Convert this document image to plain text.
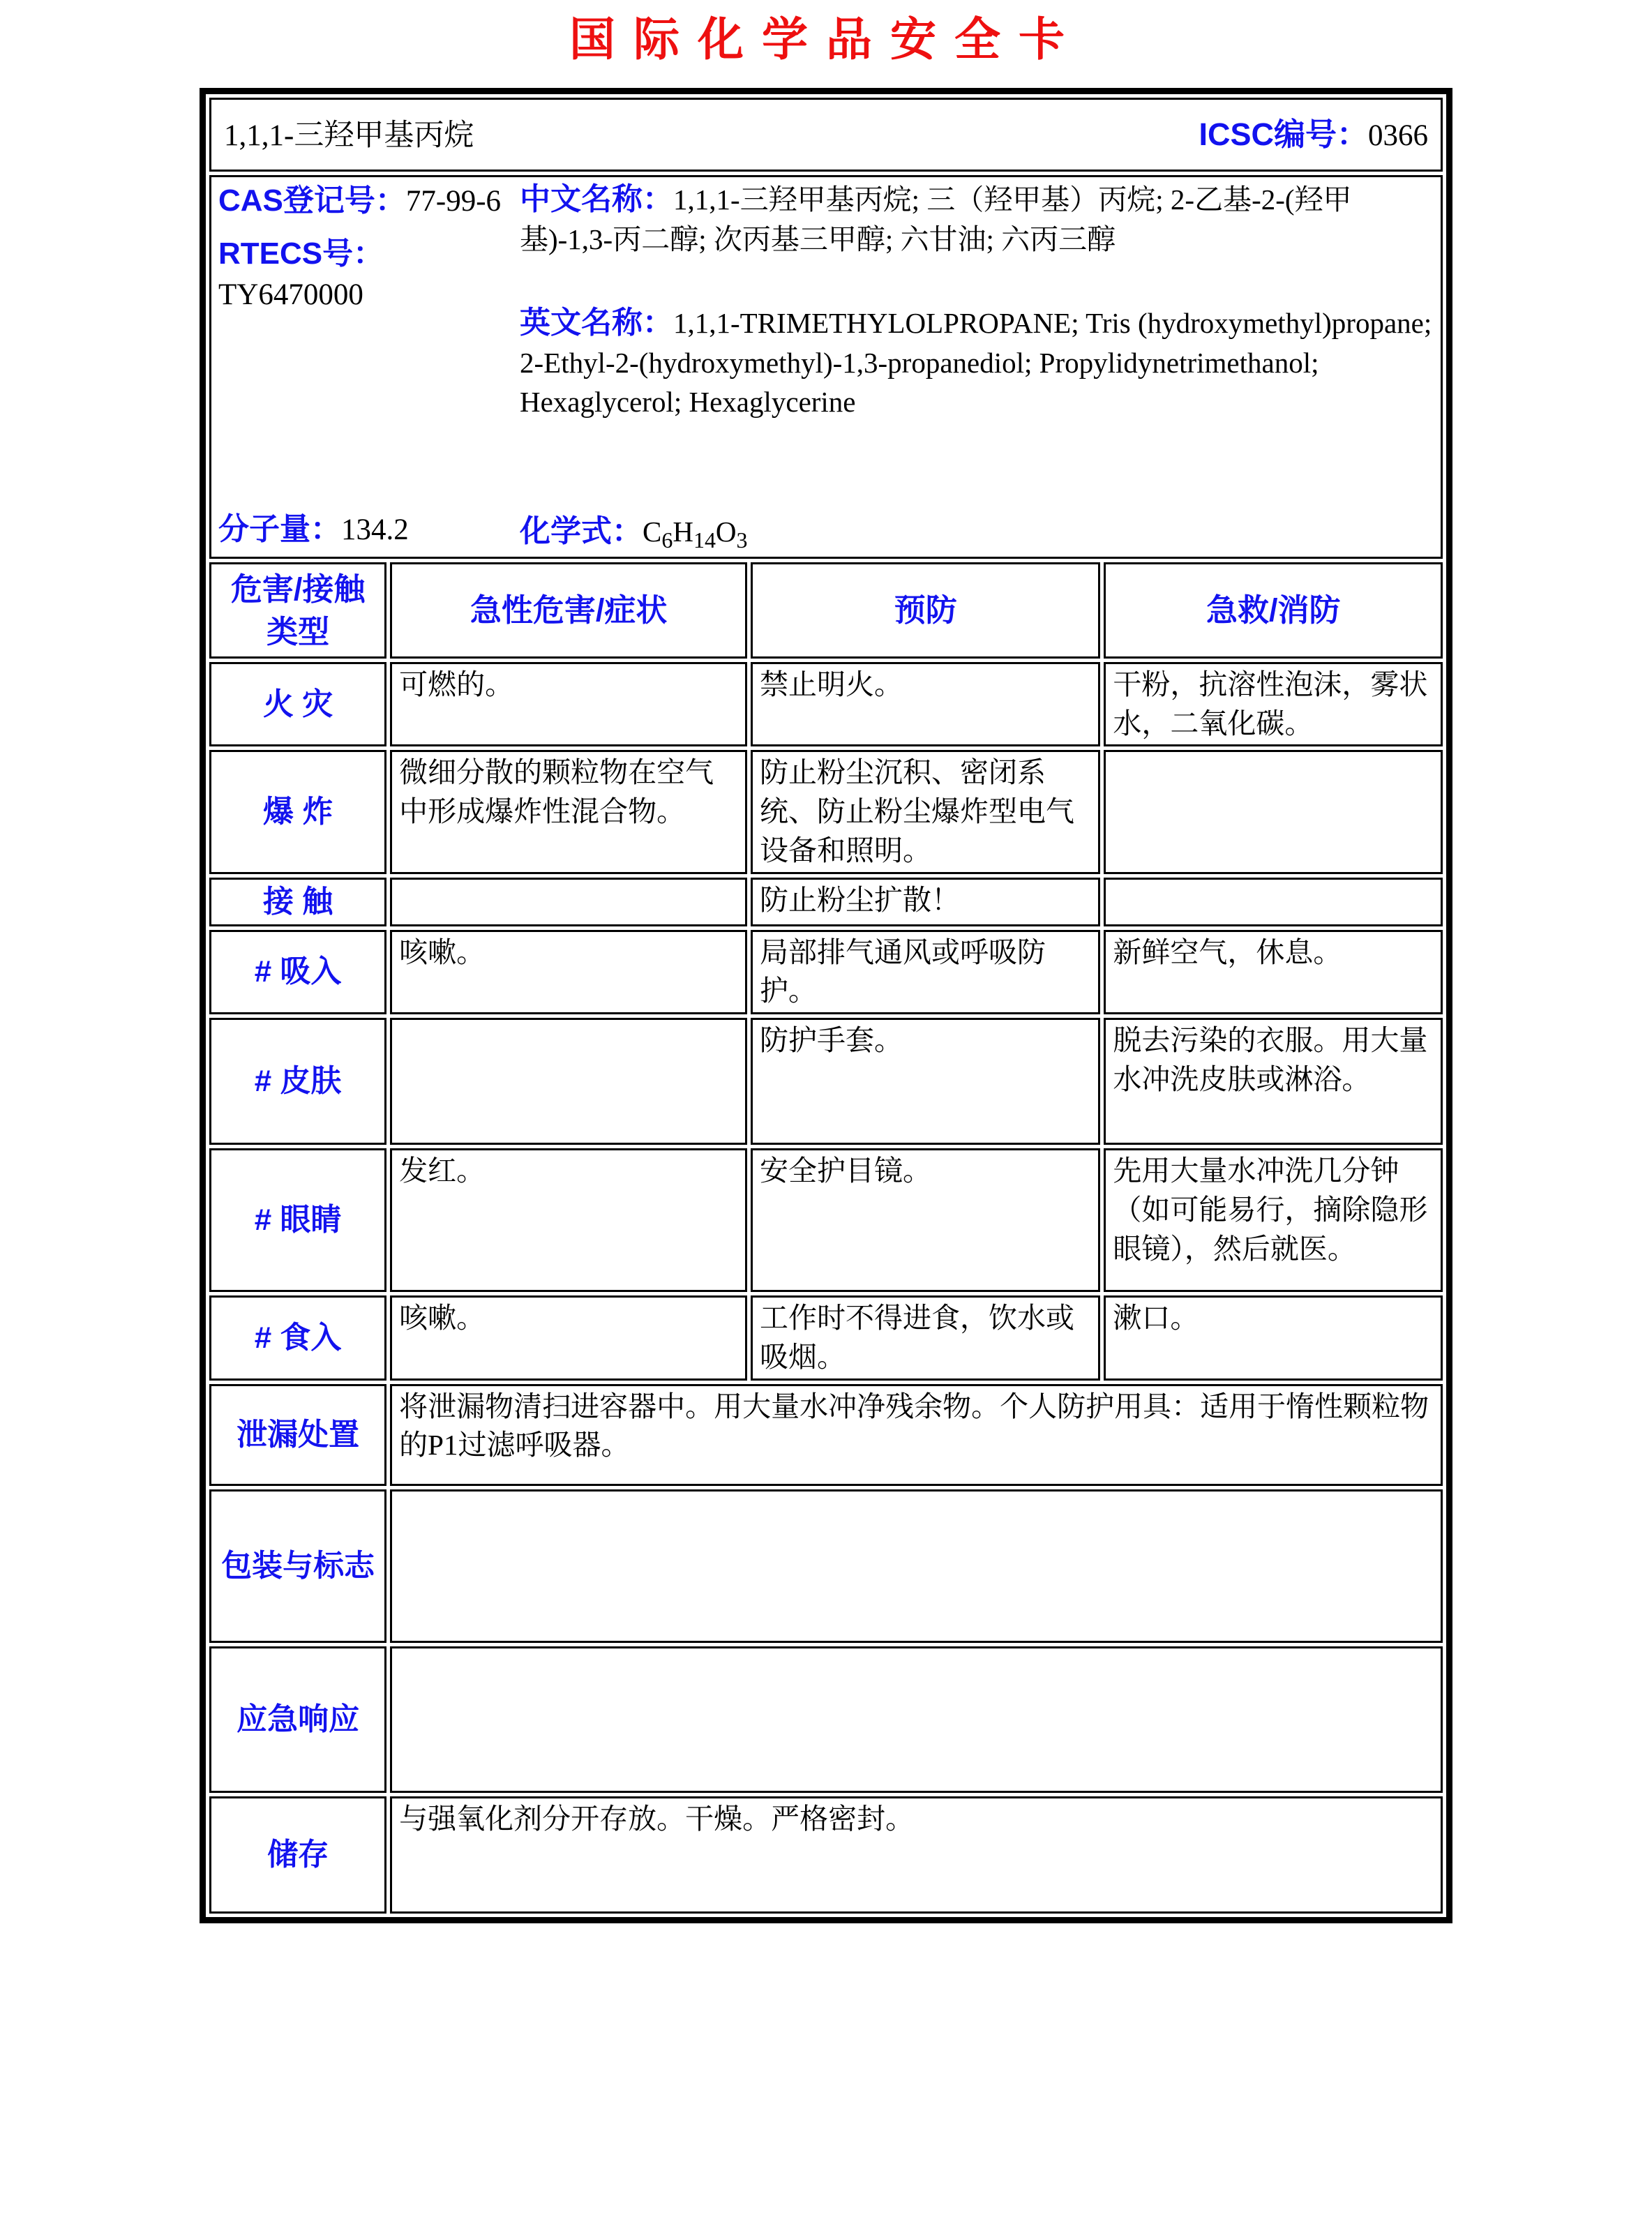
国际化学品安全卡
1,1,1-三羟甲基丙烷 ICSC编号：0366			

CAS登记号：77-99-6
RTECS号：TY6470000
分子量：134.2

中文名称：1,1,1-三羟甲基丙烷; 三（羟甲基）丙烷; 2-乙基-2-(羟甲基)-1,3-丙二醇; 次丙基三甲醇; 六甘油; 六丙三醇

英文名称：1,1,1-TRIMETHYLOLPROPANE; Tris (hydroxymethyl)propane; 2-Ethyl-2-(hydroxymethyl)-1,3-propanediol; Propylidynetrimethanol; Hexaglycerol; Hexaglycerine

化学式：$C_6H_{14}O_3$

危害/接触类型	急性危害/症状	预防	急救/消防
火 灾	可燃的。	禁止明火。	干粉，抗溶性泡沫，雾状水，二氧化碳。
爆 炸	微细分散的颗粒物在空气中形成爆炸性混合物。	防止粉尘沉积、密闭系统、防止粉尘爆炸型电气设备和照明。	
接 触		防止粉尘扩散！	
# 吸入	咳嗽。	局部排气通风或呼吸防护。	新鲜空气，休息。
# 皮肤		防护手套。	脱去污染的衣服。用大量水冲洗皮肤或淋浴。
# 眼睛	发红。	安全护目镜。	先用大量水冲洗几分钟（如可能易行，摘除隐形眼镜），然后就医。
# 食入	咳嗽。	工作时不得进食，饮水或吸烟。	漱口。
泄漏处置	将泄漏物清扫进容器中。用大量水冲净残余物。个人防护用具：适用于惰性颗粒物的P1过滤呼吸器。		
包装与标志			
应急响应			
储存	与强氧化剂分开存放。干燥。严格密封。		
